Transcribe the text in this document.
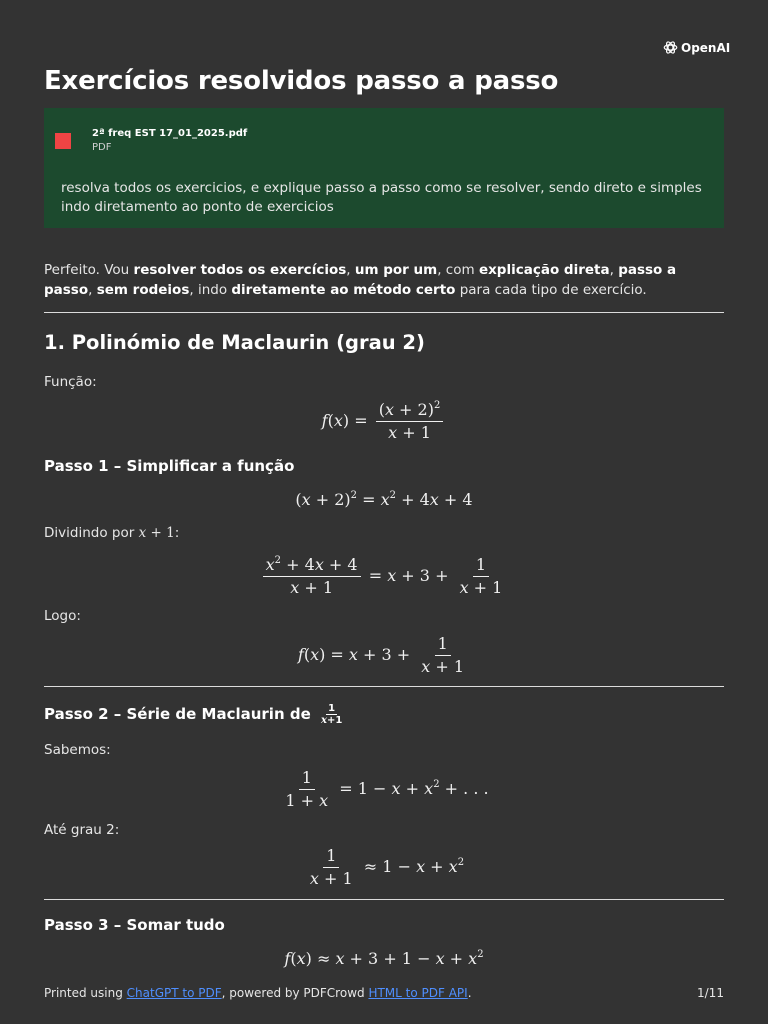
OpenAI
Exercícios resolvidos passo a passo
2ª freq EST 17_01_2025.pdf
PDF
resolva todos os exercicios, e explique passo a passo como se resolver, sendo direto e simples indo diretamento ao ponto de exercicios
Perfeito. Vou resolver todos os exercícios, um por um, com explicação direta, passo a passo, sem rodeios, indo diretamente ao método certo para cada tipo de exercício.
1. Polinómio de Maclaurin (grau 2)
Função:
$f(x) = \frac{(x + 2)^2}{x + 1}$
Passo 1 – Simplificar a função
$(x + 2)^2 = x^2 + 4x + 4$
Dividindo por x + 1:
$\frac{x^2 + 4x + 4}{x + 1} = x + 3 + \frac{1}{x + 1}$
Logo:
$f(x) = x + 3 + \frac{1}{x + 1}$
Passo 2 – Série de Maclaurin de $\frac{1}{x+1}$
Sabemos:
$\frac{1}{1 + x} = 1 - x + x^2$ + . . .
Até grau 2:
$\frac{1}{x + 1} \approx 1 - x + x^2$
Passo 3 – Somar tudo
$f(x) \approx x + 3 + 1 - x + x^2$
Printed using ChatGPT to PDF, powered by PDFCrowd HTML to PDF API.	1/11
